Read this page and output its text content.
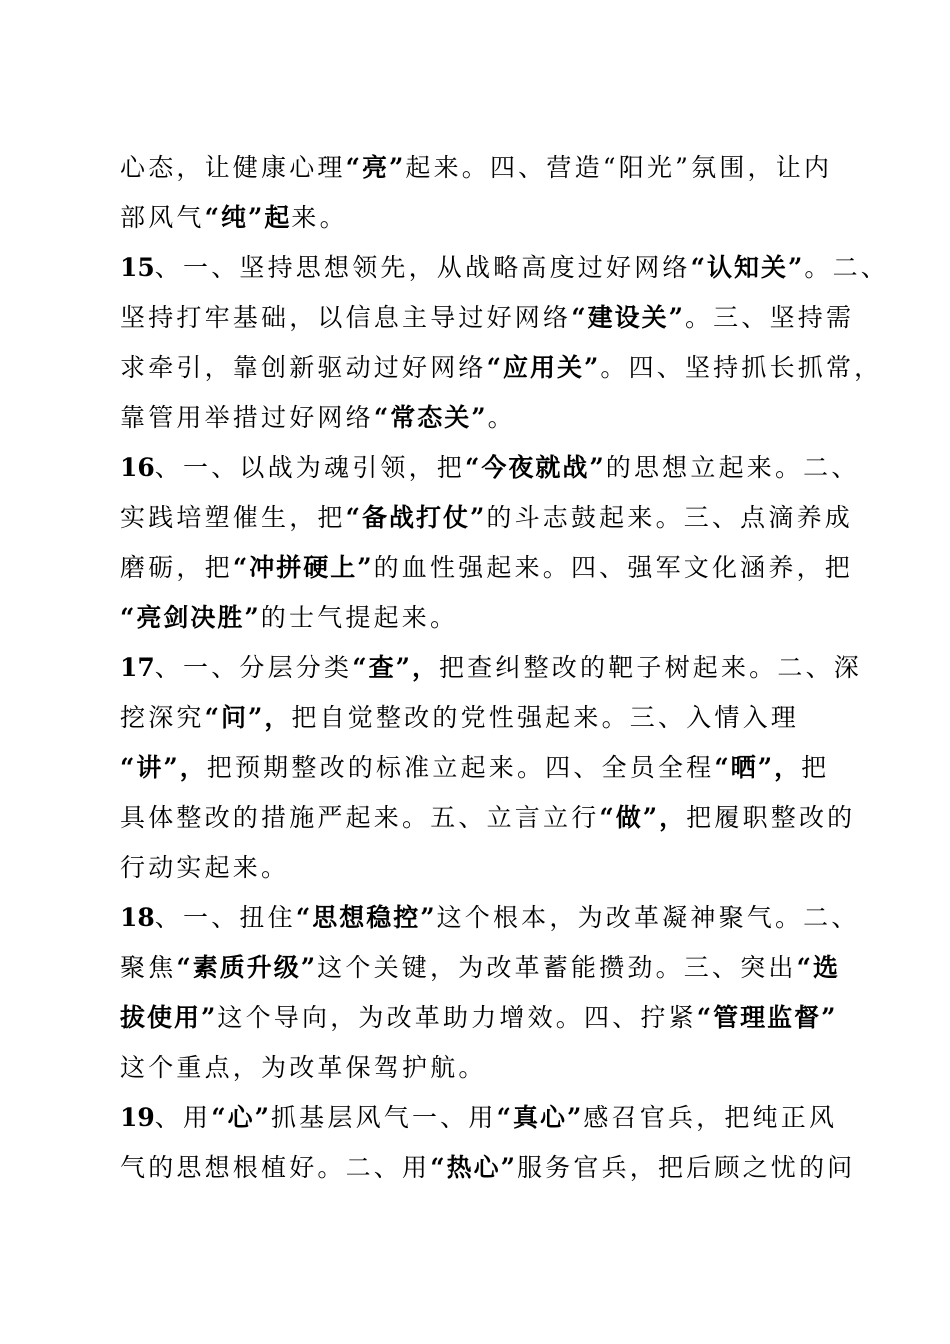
心态，让健康心理“亮”起来。四、营造“阳光”氛围，让内
部风气“纯”起来。
15、一、坚持思想领先，从战略高度过好网络“认知关”。二、
坚持打牢基础，以信息主导过好网络“建设关”。三、坚持需
求牵引，靠创新驱动过好网络“应用关”。四、坚持抓长抓常，
靠管用举措过好网络“常态关”。
16、一、以战为魂引领，把“今夜就战”的思想立起来。二、
实践培塑催生，把“备战打仗”的斗志鼓起来。三、点滴养成
磨砺，把“冲拼硬上”的血性强起来。四、强军文化涵养，把
“亮剑决胜”的士气提起来。
17、一、分层分类“查”，把查纠整改的靶子树起来。二、深
挖深究“问”，把自觉整改的党性强起来。三、入情入理
“讲”，把预期整改的标准立起来。四、全员全程“晒”，把
具体整改的措施严起来。五、立言立行“做”，把履职整改的
行动实起来。
18、一、扭住“思想稳控”这个根本，为改革凝神聚气。二、
聚焦“素质升级”这个关键，为改革蓄能攒劲。三、突出“选
拔使用”这个导向，为改革助力增效。四、拧紧“管理监督”
这个重点，为改革保驾护航。
19、用“心”抓基层风气一、用“真心”感召官兵，把纯正风
气的思想根植好。二、用“热心”服务官兵，把后顾之忧的问
